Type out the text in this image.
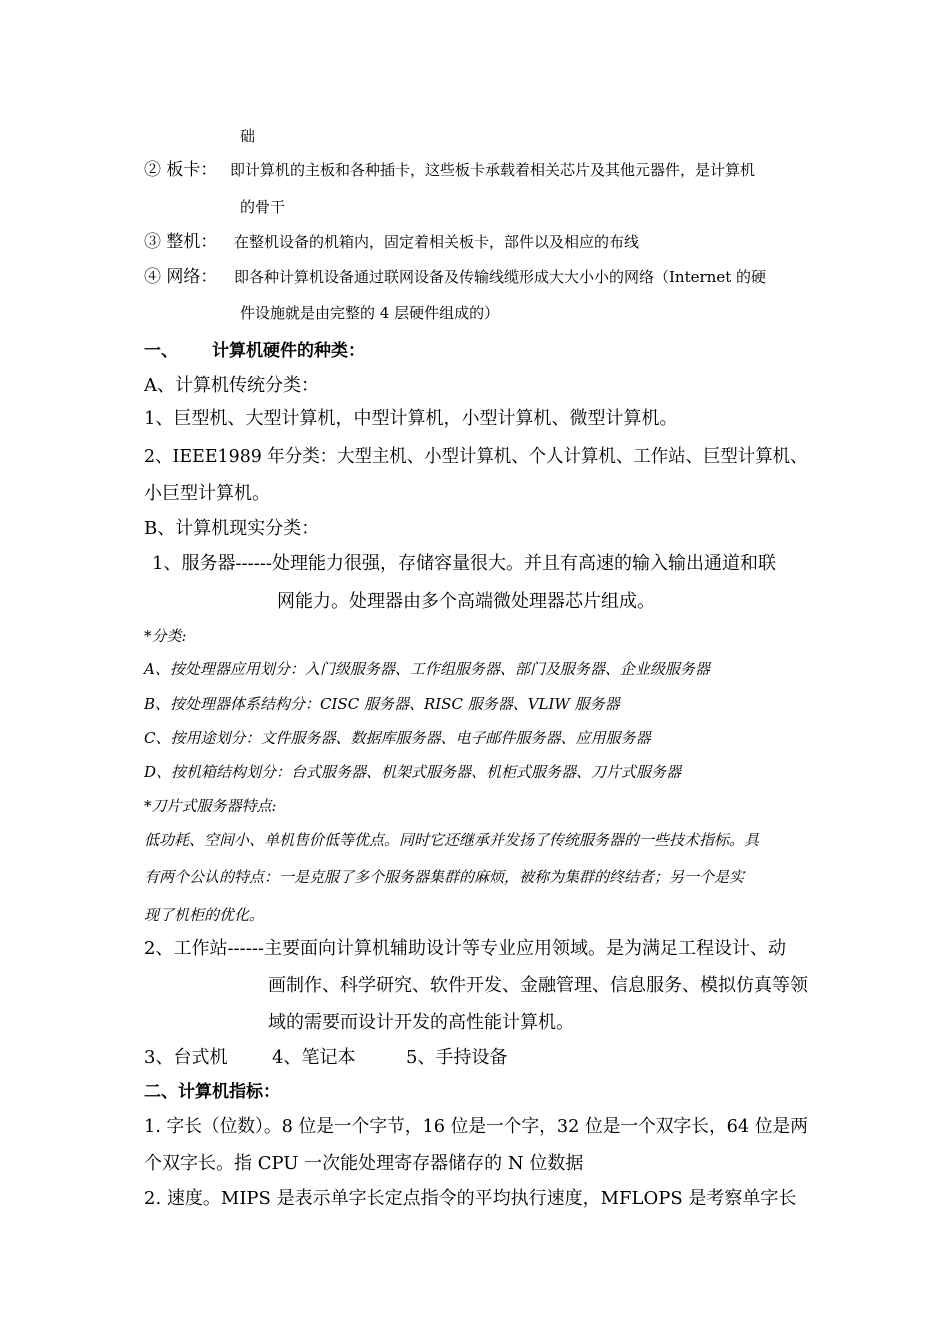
础
② 板卡： 即计算机的主板和各种插卡，这些板卡承载着相关芯片及其他元器件，是计算机
的骨干
③ 整机： 在整机设备的机箱内，固定着相关板卡，部件以及相应的布线
④ 网络： 即各种计算机设备通过联网设备及传输线缆形成大大小小的网络（Internet 的硬
件设施就是由完整的 4 层硬件组成的）
一、 计算机硬件的种类：
A、计算机传统分类：
1、巨型机、大型计算机，中型计算机，小型计算机、微型计算机。
2、IEEE1989 年分类：大型主机、小型计算机、个人计算机、工作站、巨型计算机、
小巨型计算机。
B、计算机现实分类：
1、服务器------处理能力很强，存储容量很大。并且有高速的输入输出通道和联
网能力。处理器由多个高端微处理器芯片组成。
*分类:
A、按处理器应用划分：入门级服务器、工作组服务器、部门及服务器、企业级服务器
B、按处理器体系结构分：CISC 服务器、RISC 服务器、VLIW 服务器
C、按用途划分：文件服务器、数据库服务器、电子邮件服务器、应用服务器
D、按机箱结构划分：台式服务器、机架式服务器、机柜式服务器、刀片式服务器
*刀片式服务器特点:
低功耗、空间小、单机售价低等优点。同时它还继承并发扬了传统服务器的一些技术指标。具
有两个公认的特点：一是克服了多个服务器集群的麻烦，被称为集群的终结者；另一个是实
现了机柜的优化。
2、工作站------主要面向计算机辅助设计等专业应用领域。是为满足工程设计、动
画制作、科学研究、软件开发、金融管理、信息服务、模拟仿真等领
域的需要而设计开发的高性能计算机。
3、台式机 4、笔记本	5、手持设备
二、计算机指标：
1. 字长（位数）。8 位是一个字节，16 位是一个字，32 位是一个双字长，64 位是两
个双字长。指 CPU 一次能处理寄存器储存的 N 位数据
2. 速度。MIPS 是表示单字长定点指令的平均执行速度，MFLOPS 是考察单字长
